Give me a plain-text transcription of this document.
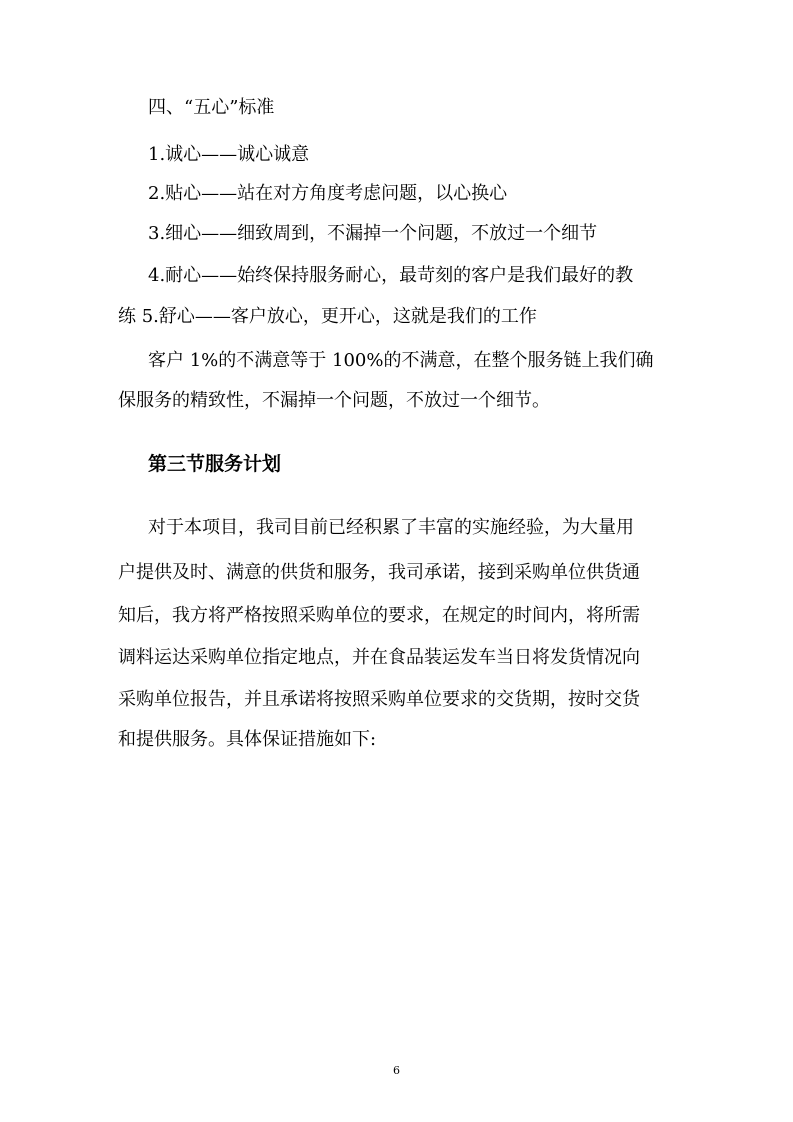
四、“五心”标准
1.诚心——诚心诚意
2.贴心——站在对方角度考虑问题，以心换心
3.细心——细致周到，不漏掉一个问题，不放过一个细节
4.耐心——始终保持服务耐心，最苛刻的客户是我们最好的教
练 5.舒心——客户放心，更开心，这就是我们的工作
客户 1%的不满意等于 100%的不满意，在整个服务链上我们确
保服务的精致性，不漏掉一个问题，不放过一个细节。
第三节服务计划
对于本项目，我司目前已经积累了丰富的实施经验，为大量用
户提供及时、满意的供货和服务，我司承诺，接到采购单位供货通
知后，我方将严格按照采购单位的要求，在规定的时间内，将所需
调料运达采购单位指定地点，并在食品装运发车当日将发货情况向
采购单位报告，并且承诺将按照采购单位要求的交货期，按时交货
和提供服务。具体保证措施如下:
6
